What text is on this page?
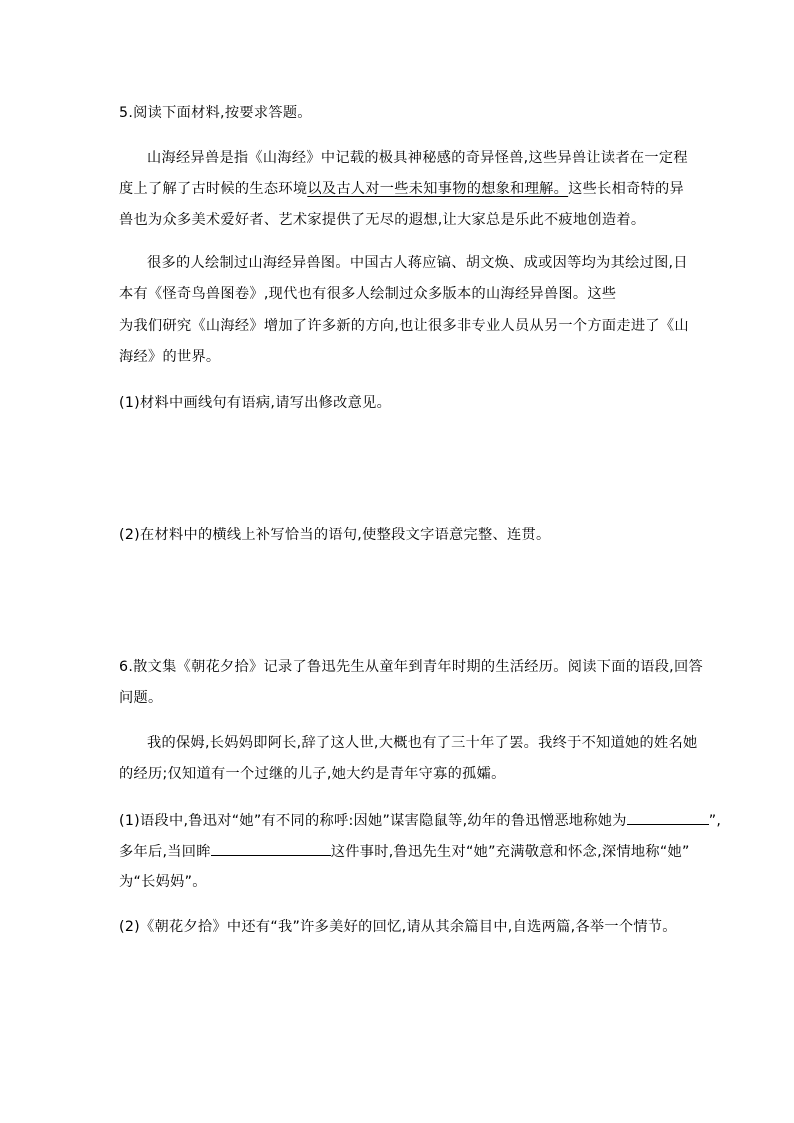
5.阅读下面材料,按要求答题。

山海经异兽是指《山海经》中记载的极具神秘感的奇异怪兽,这些异兽让读者在一定程

度上了解了古时候的生态环境以及古人对一些未知事物的想象和理解。这些长相奇特的异

兽也为众多美术爱好者、艺术家提供了无尽的遐想,让大家总是乐此不疲地创造着。

很多的人绘制过山海经异兽图。中国古人蒋应镐、胡文焕、成或因等均为其绘过图,日

本有《怪奇鸟兽图卷》,现代也有很多人绘制过众多版本的山海经异兽图。这些

为我们研究《山海经》增加了许多新的方向,也让很多非专业人员从另一个方面走进了《山

海经》的世界。

(1)材料中画线句有语病,请写出修改意见。

(2)在材料中的横线上补写恰当的语句,使整段文字语意完整、连贯。

6.散文集《朝花夕拾》记录了鲁迅先生从童年到青年时期的生活经历。阅读下面的语段,回答

问题。

我的保姆,长妈妈即阿长,辞了这人世,大概也有了三十年了罢。我终于不知道她的姓名她

的经历;仅知道有一个过继的儿子,她大约是青年守寡的孤孀。

(1)语段中,鲁迅对“她”有不同的称呼:因她”谋害隐鼠等,幼年的鲁迅憎恶地称她为	”,

多年后,当回眸	这件事时,鲁迅先生对“她”充满敬意和怀念,深情地称“她”

为“长妈妈”。

(2)《朝花夕拾》中还有“我”许多美好的回忆,请从其余篇目中,自选两篇,各举一个情节。
